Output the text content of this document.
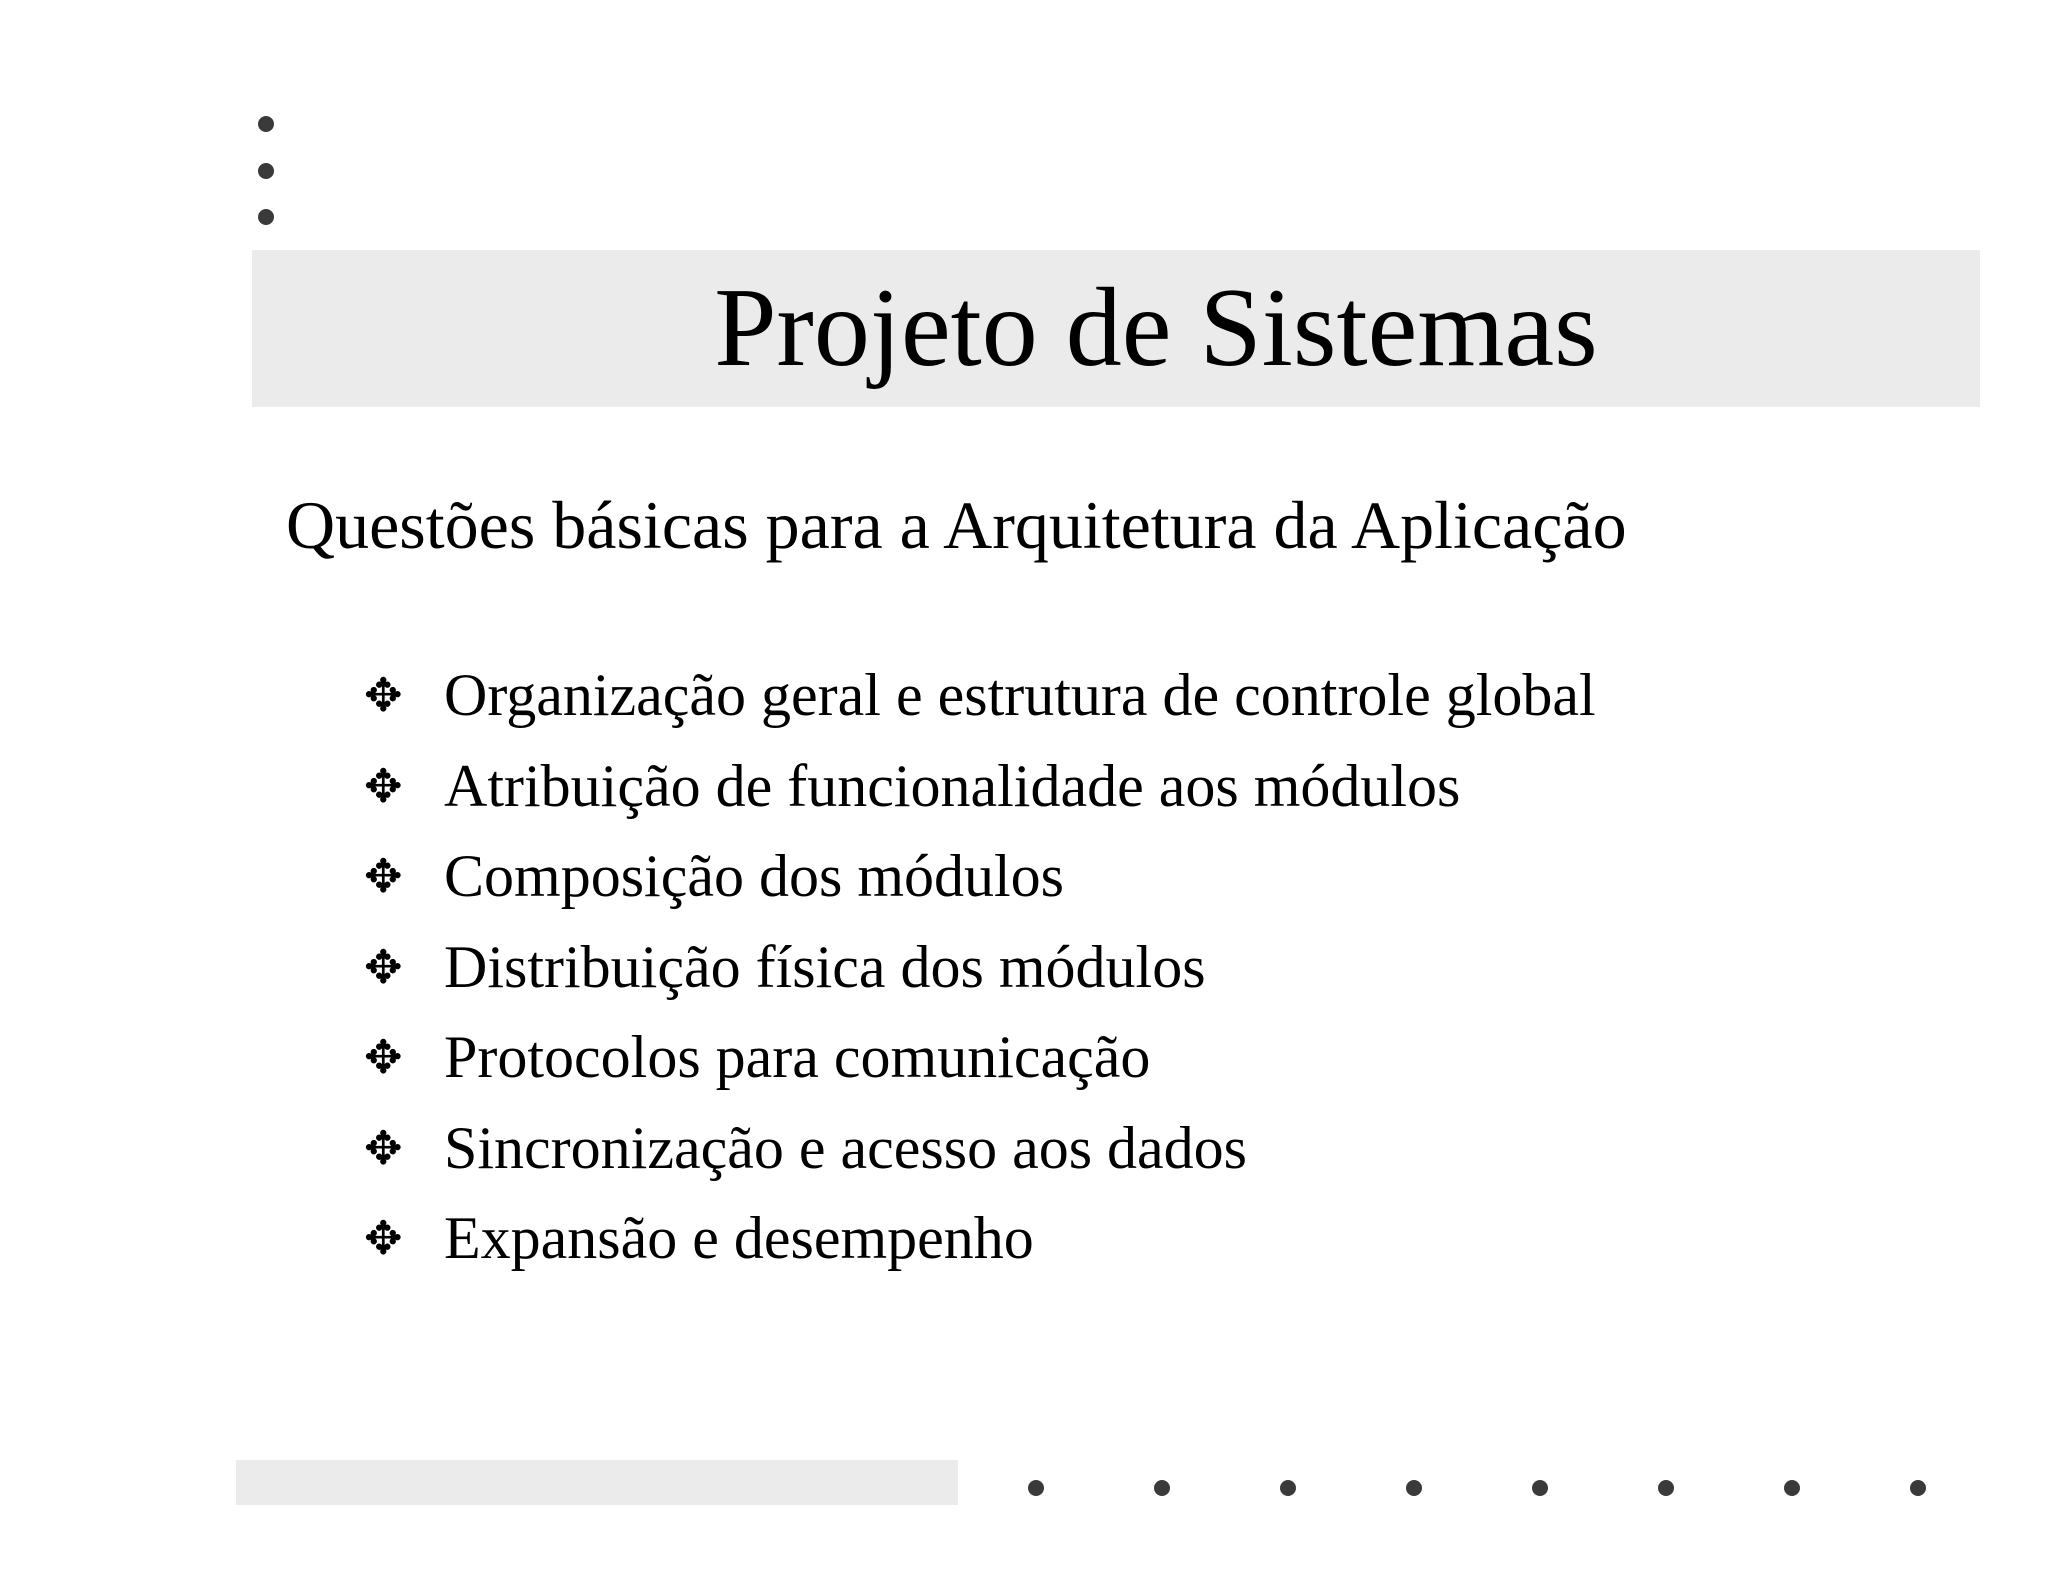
Projeto de Sistemas
Questões básicas para a Arquitetura da Aplicação
✥ Organização geral e estrutura de controle global
✥ Atribuição de funcionalidade aos módulos
✥ Composição dos módulos
✥ Distribuição física dos módulos
✥ Protocolos para comunicação
✥ Sincronização e acesso aos dados
✥ Expansão e desempenho
